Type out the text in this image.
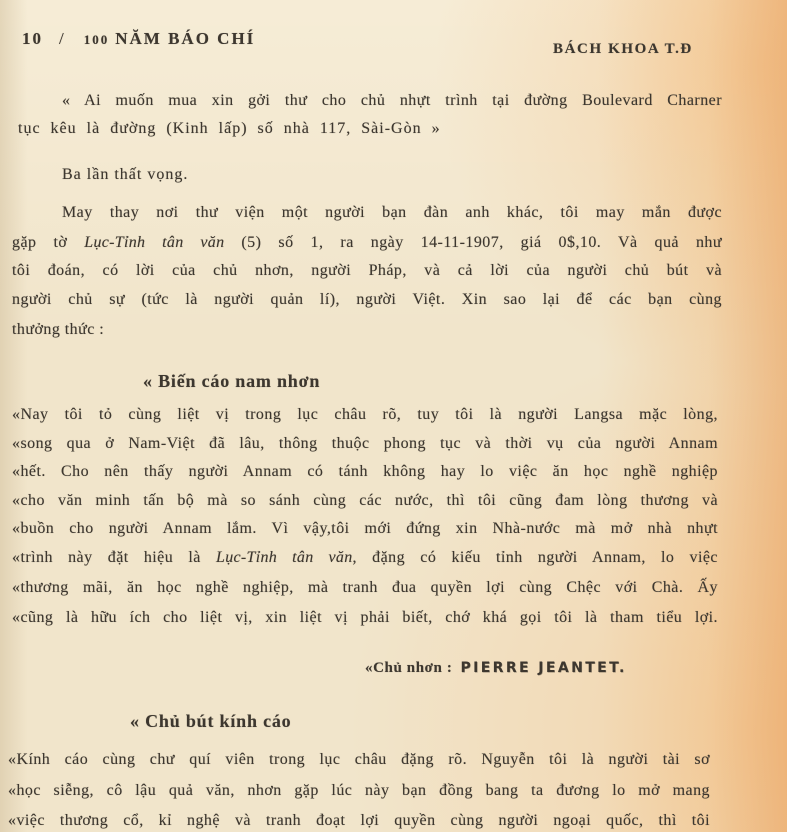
10 / 100 NĂM BÁO CHÍ
BÁCH KHOA T.Đ
« Ai muốn mua xin gởi thư cho chủ nhựt trình tại đường Boulevard Charner
tục kêu là đường (Kinh lấp) số nhà 117, Sài-Gòn »
Ba lần thất vọng.
May thay nơi thư viện một người bạn đàn anh khác, tôi may mắn được
gặp tờ Lục-Tỉnh tân văn (5) số 1, ra ngày 14-11-1907, giá 0$,10. Và quả như
tôi đoán, có lời của chủ nhơn, người Pháp, và cả lời của người chủ bút và
người chủ sự (tức là người quản lí), người Việt. Xin sao lại để các bạn cùng
thưởng thức :
« Biến cáo nam nhơn
«Nay tôi tỏ cùng liệt vị trong lục châu rõ, tuy tôi là người Langsa mặc lòng,
«song qua ở Nam-Việt đã lâu, thông thuộc phong tục và thời vụ của người Annam
«hết. Cho nên thấy người Annam có tánh không hay lo việc ăn học nghề nghiệp
«cho văn minh tấn bộ mà so sánh cùng các nước, thì tôi cũng đam lòng thương và
«buồn cho người Annam lắm. Vì vậy,tôi mới đứng xin Nhà-nước mà mở nhà nhựt
«trình này đặt hiệu là Lục-Tỉnh tân văn, đặng có kiếu tỉnh người Annam, lo việc
«thương mãi, ăn học nghề nghiệp, mà tranh đua quyền lợi cùng Chệc với Chà. Ấy
«cũng là hữu ích cho liệt vị, xin liệt vị phải biết, chớ khá gọi tôi là tham tiểu lợi.
«Chủ nhơn : PIERRE JEANTET.
« Chủ bút kính cáo
«Kính cáo cùng chư quí viên trong lục châu đặng rõ. Nguyễn tôi là người tài sơ
«học siễng, cô lậu quả văn, nhơn gặp lúc này bạn đồng bang ta đương lo mở mang
«việc thương cổ, kỉ nghệ và tranh đoạt lợi quyền cùng người ngoại quốc, thì tôi
